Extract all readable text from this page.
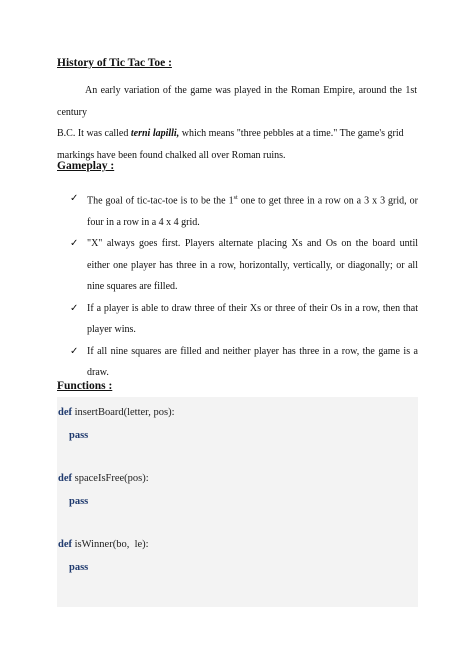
History of Tic Tac Toe :
An early variation of the game was played in the Roman Empire, around the 1st century
B.C. It was called terni lapilli, which means "three pebbles at a time." The game's grid
markings have been found chalked all over Roman ruins.
Gameplay :
✓ The goal of tic-tac-toe is to be the 1st one to get three in a row on a 3 x 3 grid, or four in a row in a 4 x 4 grid.
✓ "X" always goes first. Players alternate placing Xs and Os on the board until either one player has three in a row, horizontally, vertically, or diagonally; or all nine squares are filled.
✓ If a player is able to draw three of their Xs or three of their Os in a row, then that player wins.
✓ If all nine squares are filled and neither player has three in a row, the game is a draw.
Functions :
def insertBoard(letter, pos):
pass
def spaceIsFree(pos):
pass
def isWinner(bo,  le):
pass
